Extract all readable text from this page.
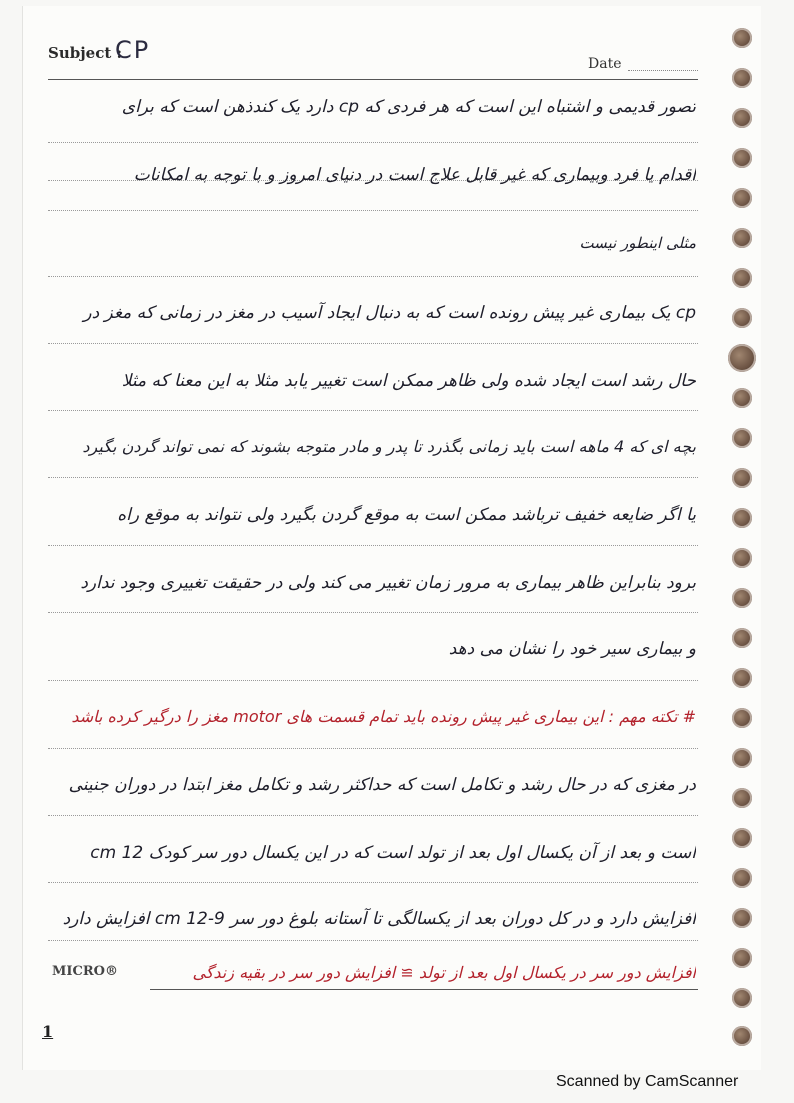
Subject :
CP	Date
تصور قدیمی و اشتباه این است که هر فردی که cp دارد یک کندذهن است که برای
اقدام یا فرد وبیماری که غیر قابل علاج است در دنیای امروز و با توجه به امکانات
مثلی اینطور نیست
cp یک بیماری غیر پیش رونده است که به دنبال ایجاد آسیب در مغز در زمانی که مغز در
حال رشد است ایجاد شده ولی ظاهر ممکن است تغییر یابد مثلا به این معنا که مثلا
بچه ای که 4 ماهه است باید زمانی بگذرد تا پدر و مادر متوجه بشوند که نمی تواند گردن بگیرد
یا اگر ضایعه خفیف ترباشد ممکن است به موقع گردن بگیرد ولی نتواند به موقع راه
برود بنابراین ظاهر بیماری به مرور زمان تغییر می کند ولی در حقیقت تغییری وجود ندارد
و بیماری سیر خود را نشان می دهد
# تکته مهم : این بیماری غیر پیش رونده باید تمام قسمت های motor مغز را درگیر کرده باشد
در مغزی که در حال رشد و تکامل است که حداکثر رشد و تکامل مغز ابتدا در دوران جنینی
است و بعد از آن یکسال اول بعد از تولد است که در این یکسال دور سر کودک 12 cm
افزایش دارد و در کل دوران بعد از یکسالگی تا آستانه بلوغ دور سر 9-12 cm افزایش دارد
افزایش دور سر در یکسال اول بعد از تولد ≅ افزایش دور سر در بقیه زندگی
MICRO®
1
Scanned by CamScanner
